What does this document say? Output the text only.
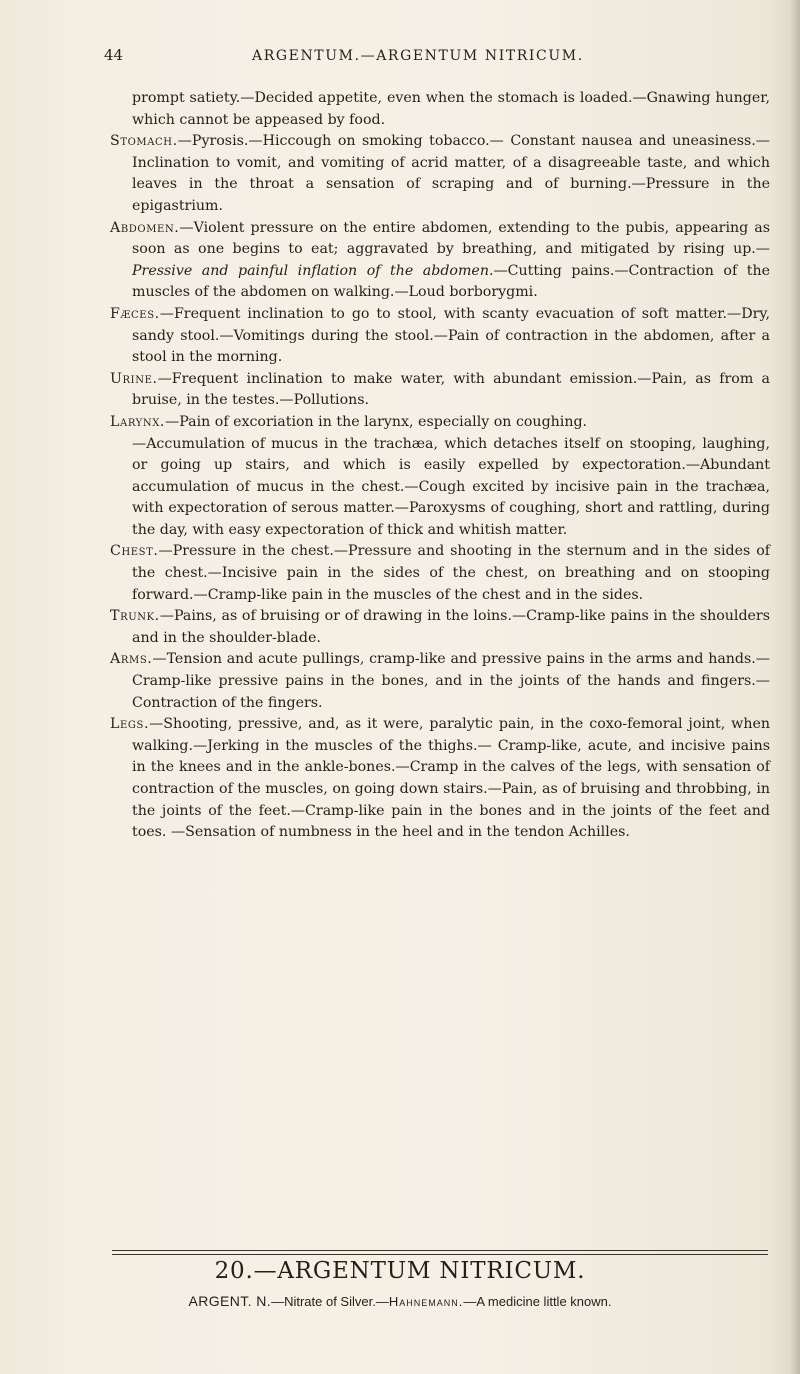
44	ARGENTUM.—ARGENTUM NITRICUM.

prompt satiety.—Decided appetite, even when the stomach is loaded.—Gnawing hunger, which cannot be appeased by food.

Stomach.—Pyrosis.—Hiccough on smoking tobacco.— Constant nausea and uneasiness.—Inclination to vomit, and vomiting of acrid matter, of a disagreeable taste, and which leaves in the throat a sensation of scraping and of burning.—Pressure in the epigastrium.

Abdomen.—Violent pressure on the entire abdomen, extending to the pubis, appearing as soon as one begins to eat; aggravated by breathing, and mitigated by rising up.—Pressive and painful inflation of the abdomen.—Cutting pains.—Contraction of the muscles of the abdomen on walking.—Loud borborygmi.

Fæces.—Frequent inclination to go to stool, with scanty evacuation of soft matter.—Dry, sandy stool.—Vomitings during the stool.—Pain of contraction in the abdomen, after a stool in the morning.

Urine.—Frequent inclination to make water, with abundant emission.—Pain, as from a bruise, in the testes.—Pollutions.

Larynx.—Pain of excoriation in the larynx, especially on coughing.

—Accumulation of mucus in the trachæa, which detaches itself on stooping, laughing, or going up stairs, and which is easily expelled by expectoration.—Abundant accumulation of mucus in the chest.—Cough excited by incisive pain in the trachæa, with expectoration of serous matter.—Paroxysms of coughing, short and rattling, during the day, with easy expectoration of thick and whitish matter.

Chest.—Pressure in the chest.—Pressure and shooting in the sternum and in the sides of the chest.—Incisive pain in the sides of the chest, on breathing and on stooping forward.—Cramp-like pain in the muscles of the chest and in the sides.

Trunk.—Pains, as of bruising or of drawing in the loins.—Cramp-like pains in the shoulders and in the shoulder-blade.

Arms.—Tension and acute pullings, cramp-like and pressive pains in the arms and hands.—Cramp-like pressive pains in the bones, and in the joints of the hands and fingers.—Contraction of the fingers.

Legs.—Shooting, pressive, and, as it were, paralytic pain, in the coxo-femoral joint, when walking.—Jerking in the muscles of the thighs.— Cramp-like, acute, and incisive pains in the knees and in the ankle-bones.—Cramp in the calves of the legs, with sensation of contraction of the muscles, on going down stairs.—Pain, as of bruising and throbbing, in the joints of the feet.—Cramp-like pain in the bones and in the joints of the feet and toes. —Sensation of numbness in the heel and in the tendon Achilles.

20.—ARGENTUM NITRICUM.
ARGENT. N.—Nitrate of Silver.—Hahnemann.—A medicine little known.
